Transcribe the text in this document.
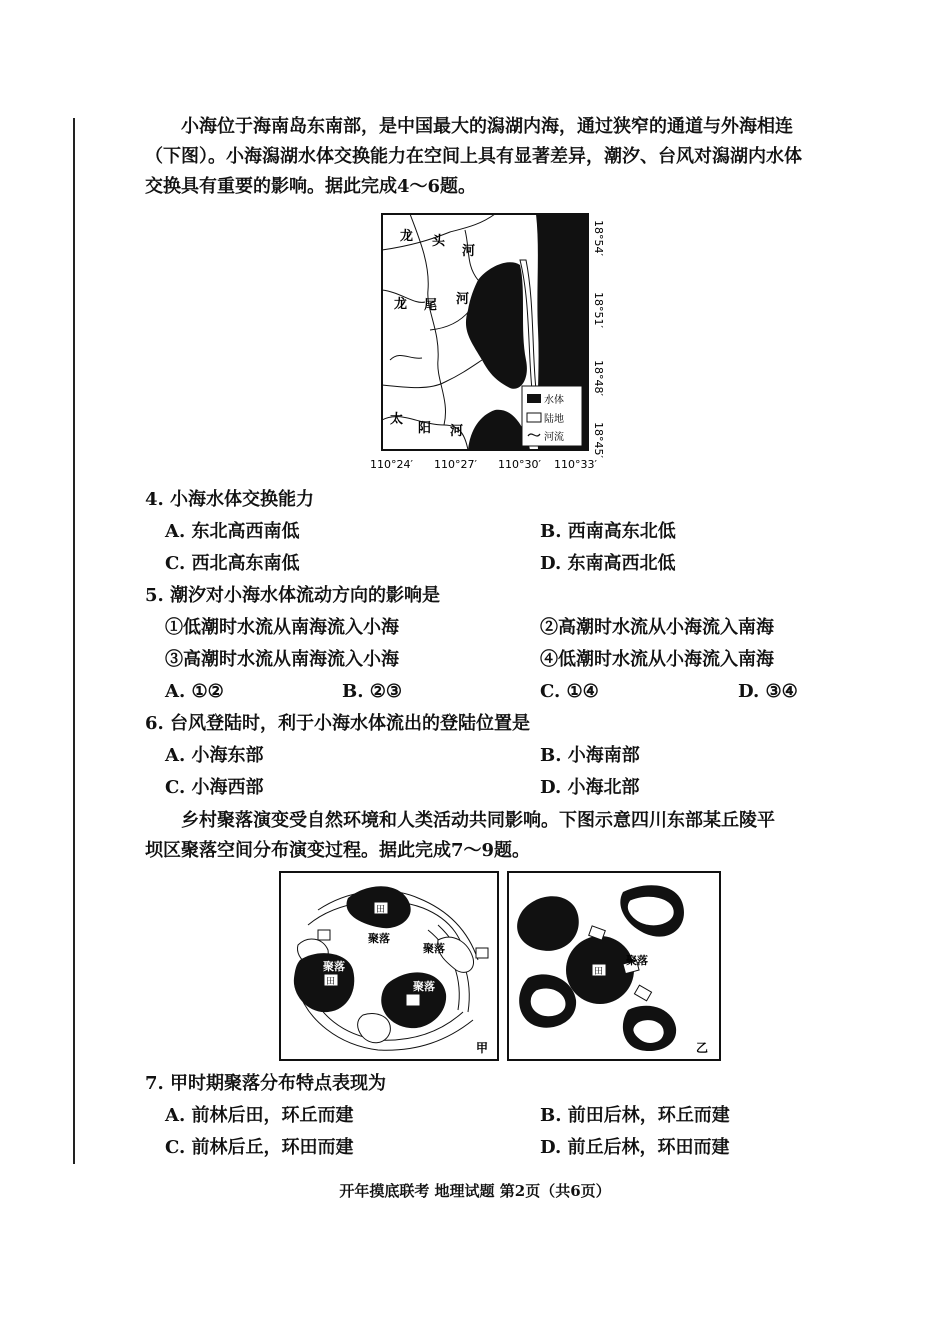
小海位于海南岛东南部，是中国最大的潟湖内海，通过狭窄的通道与外海相连
（下图）。小海潟湖水体交换能力在空间上具有显著差异，潮汐、台风对潟湖内水体
交换具有重要的影响。据此完成4～6题。
龙 头
河
龙 尾 河
太
阳 河
水体
陆地
河流
18°54′
18°51′
18°48′
18°45′
110°24′ 110°27′ 110°30′ 110°33′
4. 小海水体交换能力
A. 东北高西南低	B. 西南高东北低
C. 西北高东南低	D. 东南高西北低
5. 潮汐对小海水体流动方向的影响是
①低潮时水流从南海流入小海	②高潮时水流从小海流入南海
③高潮时水流从南海流入小海	④低潮时水流从小海流入南海
A. ①②	B. ②③	C. ①④	D. ③④
6. 台风登陆时，利于小海水体流出的登陆位置是
A. 小海东部	B. 小海南部
C. 小海西部	D. 小海北部
乡村聚落演变受自然环境和人类活动共同影响。下图示意四川东部某丘陵平
坝区聚落空间分布演变过程。据此完成7～9题。
田
田
聚落
聚落
聚落
聚落
甲
田
聚落
乙
7. 甲时期聚落分布特点表现为
A. 前林后田，环丘而建	B. 前田后林，环丘而建
C. 前林后丘，环田而建	D. 前丘后林，环田而建
开年摸底联考 地理试题 第2页（共6页）
